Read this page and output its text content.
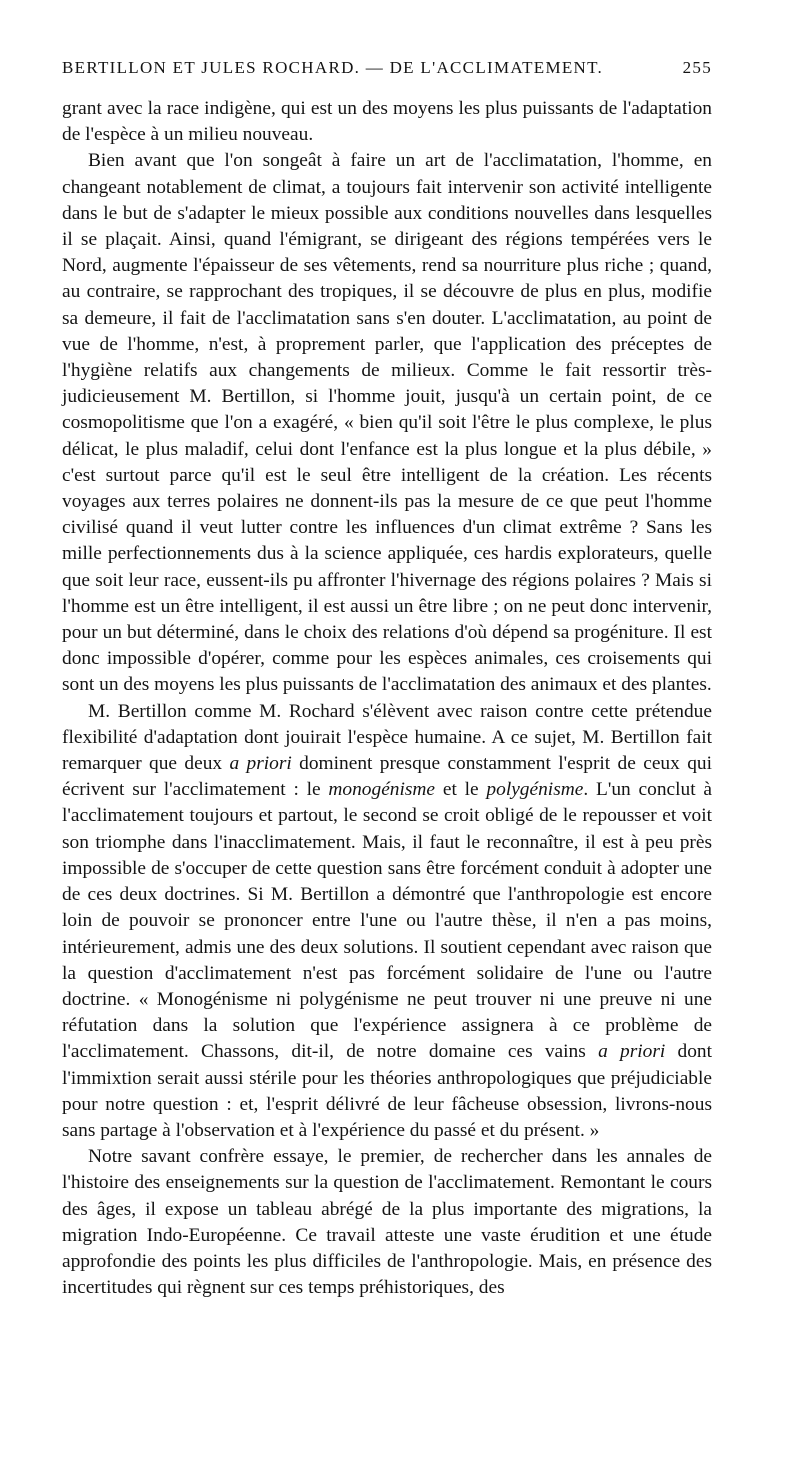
BERTILLON ET JULES ROCHARD. — DE L'ACCLIMATEMENT.	255

grant avec la race indigène, qui est un des moyens les plus puissants de l'adaptation de l'espèce à un milieu nouveau.

Bien avant que l'on songeât à faire un art de l'acclimatation, l'homme, en changeant notablement de climat, a toujours fait intervenir son activité intelligente dans le but de s'adapter le mieux possible aux conditions nouvelles dans lesquelles il se plaçait. Ainsi, quand l'émigrant, se dirigeant des régions tempérées vers le Nord, augmente l'épaisseur de ses vêtements, rend sa nourriture plus riche ; quand, au contraire, se rapprochant des tropiques, il se découvre de plus en plus, modifie sa demeure, il fait de l'acclimatation sans s'en douter. L'acclimatation, au point de vue de l'homme, n'est, à proprement parler, que l'application des préceptes de l'hygiène relatifs aux changements de milieux. Comme le fait ressortir très-judicieusement M. Bertillon, si l'homme jouit, jusqu'à un certain point, de ce cosmopolitisme que l'on a exagéré, « bien qu'il soit l'être le plus complexe, le plus délicat, le plus maladif, celui dont l'enfance est la plus longue et la plus débile, » c'est surtout parce qu'il est le seul être intelligent de la création. Les récents voyages aux terres polaires ne donnent-ils pas la mesure de ce que peut l'homme civilisé quand il veut lutter contre les influences d'un climat extrême ? Sans les mille perfectionnements dus à la science appliquée, ces hardis explorateurs, quelle que soit leur race, eussent-ils pu affronter l'hivernage des régions polaires ? Mais si l'homme est un être intelligent, il est aussi un être libre ; on ne peut donc intervenir, pour un but déterminé, dans le choix des relations d'où dépend sa progéniture. Il est donc impossible d'opérer, comme pour les espèces animales, ces croisements qui sont un des moyens les plus puissants de l'acclimatation des animaux et des plantes.

M. Bertillon comme M. Rochard s'élèvent avec raison contre cette prétendue flexibilité d'adaptation dont jouirait l'espèce humaine. A ce sujet, M. Bertillon fait remarquer que deux a priori dominent presque constamment l'esprit de ceux qui écrivent sur l'acclimatement : le monogénisme et le polygénisme. L'un conclut à l'acclimatement toujours et partout, le second se croit obligé de le repousser et voit son triomphe dans l'inacclimatement. Mais, il faut le reconnaître, il est à peu près impossible de s'occuper de cette question sans être forcément conduit à adopter une de ces deux doctrines. Si M. Bertillon a démontré que l'anthropologie est encore loin de pouvoir se prononcer entre l'une ou l'autre thèse, il n'en a pas moins, intérieurement, admis une des deux solutions. Il soutient cependant avec raison que la question d'acclimatement n'est pas forcément solidaire de l'une ou l'autre doctrine. « Monogénisme ni polygénisme ne peut trouver ni une preuve ni une réfutation dans la solution que l'expérience assignera à ce problème de l'acclimatement. Chassons, dit-il, de notre domaine ces vains a priori dont l'immixtion serait aussi stérile pour les théories anthropologiques que préjudiciable pour notre question : et, l'esprit délivré de leur fâcheuse obsession, livrons-nous sans partage à l'observation et à l'expérience du passé et du présent. »

Notre savant confrère essaye, le premier, de rechercher dans les annales de l'histoire des enseignements sur la question de l'acclimatement. Remontant le cours des âges, il expose un tableau abrégé de la plus importante des migrations, la migration Indo-Européenne. Ce travail atteste une vaste érudition et une étude approfondie des points les plus difficiles de l'anthropologie. Mais, en présence des incertitudes qui règnent sur ces temps préhistoriques, des
